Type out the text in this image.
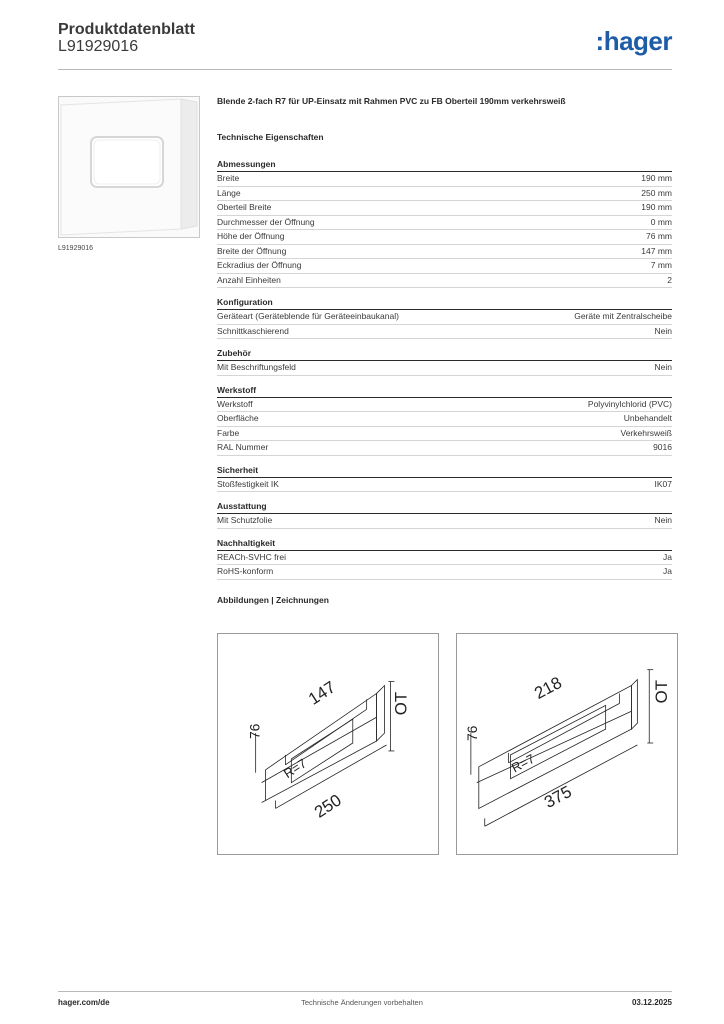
Produktdatenblatt
L91929016	:hager
L91929016
Blende 2-fach R7 für UP-Einsatz mit Rahmen PVC zu FB Oberteil 190mm verkehrsweiß
Technische Eigenschaften
Abmessungen
Breite	190 mm
Länge	250 mm
Oberteil Breite	190 mm
Durchmesser der Öffnung	0 mm
Höhe der Öffnung	76 mm
Breite der Öffnung	147 mm
Eckradius der Öffnung	7 mm
Anzahl Einheiten	2
Konfiguration
Geräteart (Geräteblende für Geräteeinbaukanal)	Geräte mit Zentralscheibe
Schnittkaschierend	Nein
Zubehör
Mit Beschriftungsfeld	Nein
Werkstoff
Werkstoff	Polyvinylchlorid (PVC)
Oberfläche	Unbehandelt
Farbe	Verkehrsweiß
RAL Nummer	9016
Sicherheit
Stoßfestigkeit IK	IK07
Ausstattung
Mit Schutzfolie	Nein
Nachhaltigkeit
REACh-SVHC frei	Ja
RoHS-konform	Ja
Abbildungen | Zeichnungen
147
76
R=7
250
OT
218
76
R=7
375
OT
hager.com/de	Technische Änderungen vorbehalten	03.12.2025
